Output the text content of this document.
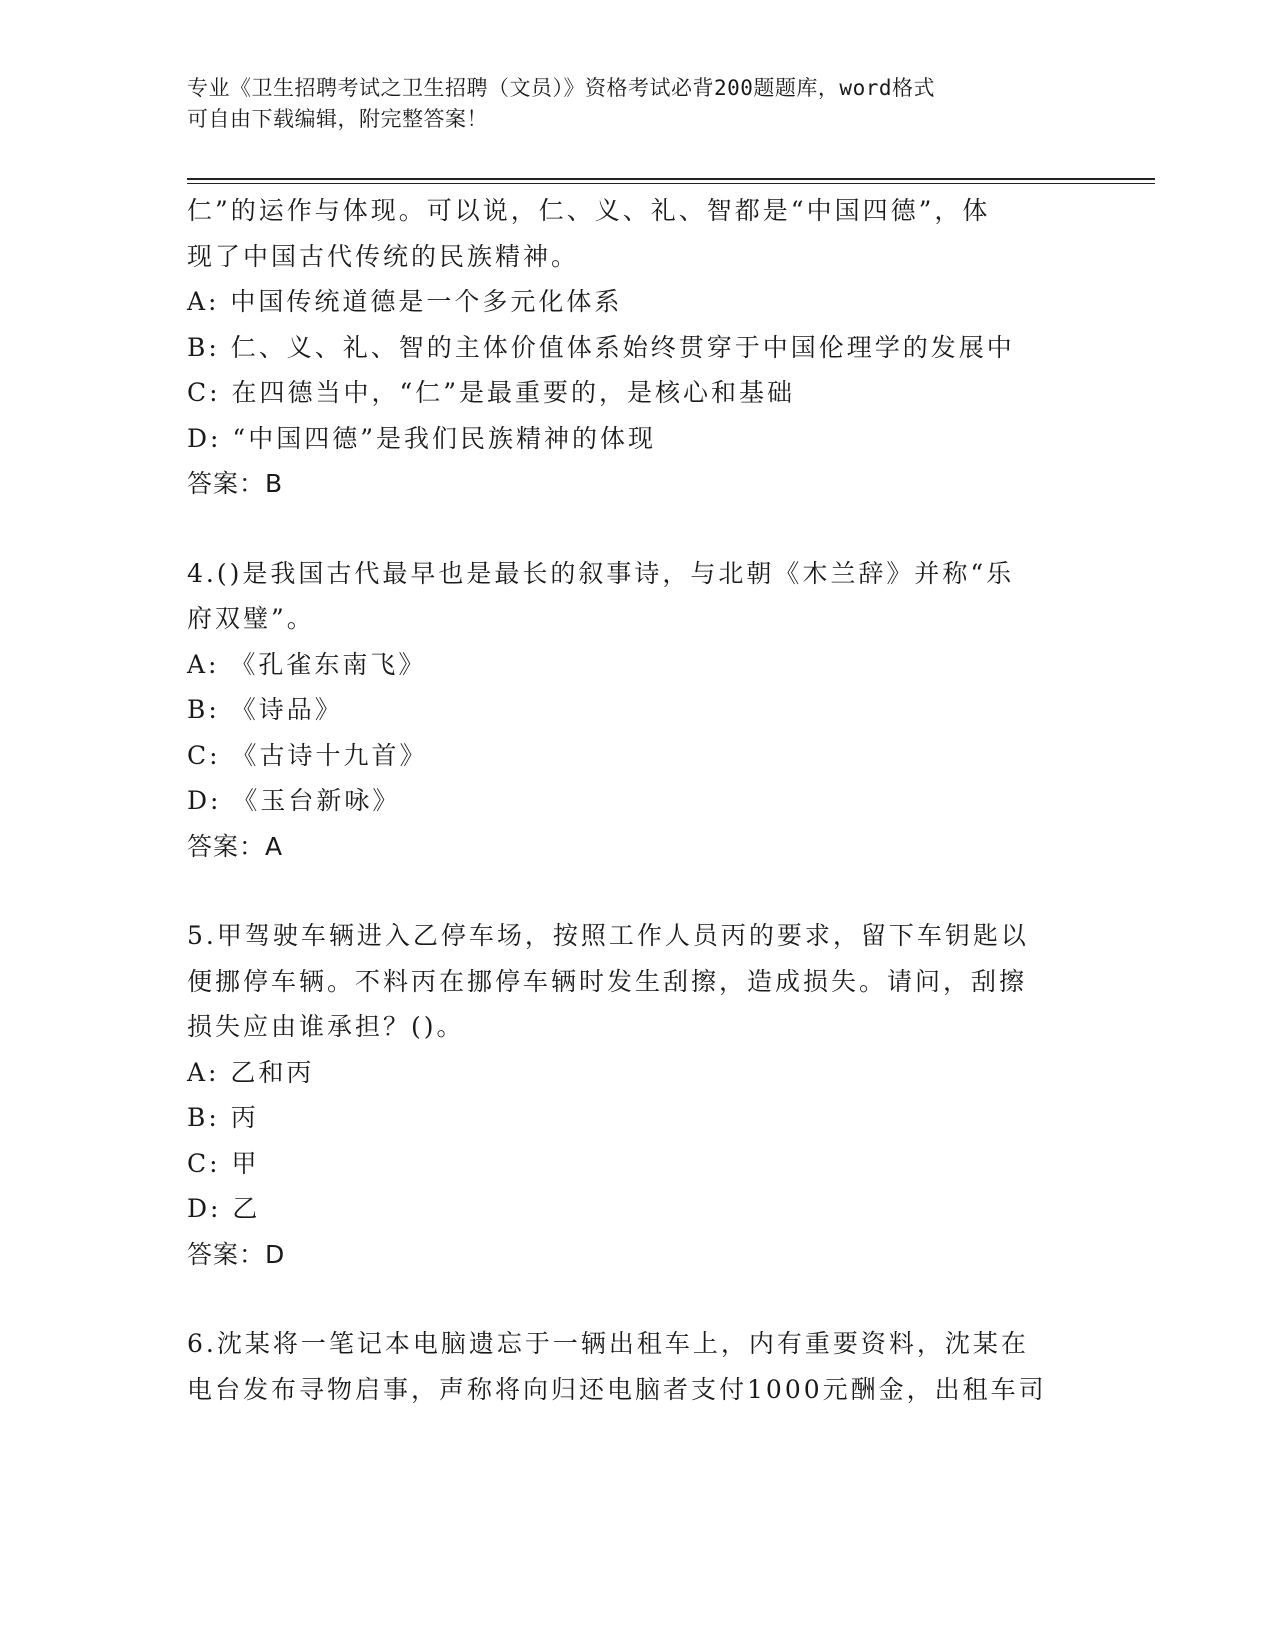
专业《卫生招聘考试之卫生招聘（文员）》资格考试必背200题题库，word格式
可自由下载编辑，附完整答案！
仁”的运作与体现。可以说，仁、义、礼、智都是“中国四德”，体
现了中国古代传统的民族精神。
A: 中国传统道德是一个多元化体系
B: 仁、义、礼、智的主体价值体系始终贯穿于中国伦理学的发展中
C: 在四德当中，“仁”是最重要的，是核心和基础
D: “中国四德”是我们民族精神的体现
答案：B
4.()是我国古代最早也是最长的叙事诗，与北朝《木兰辞》并称“乐
府双璧”。
A: 《孔雀东南飞》
B: 《诗品》
C: 《古诗十九首》
D: 《玉台新咏》
答案：A
5.甲驾驶车辆进入乙停车场，按照工作人员丙的要求，留下车钥匙以
便挪停车辆。不料丙在挪停车辆时发生刮擦，造成损失。请问，刮擦
损失应由谁承担？()。
A: 乙和丙
B: 丙
C: 甲
D: 乙
答案：D
6.沈某将一笔记本电脑遗忘于一辆出租车上，内有重要资料，沈某在
电台发布寻物启事，声称将向归还电脑者支付1000元酬金，出租车司
